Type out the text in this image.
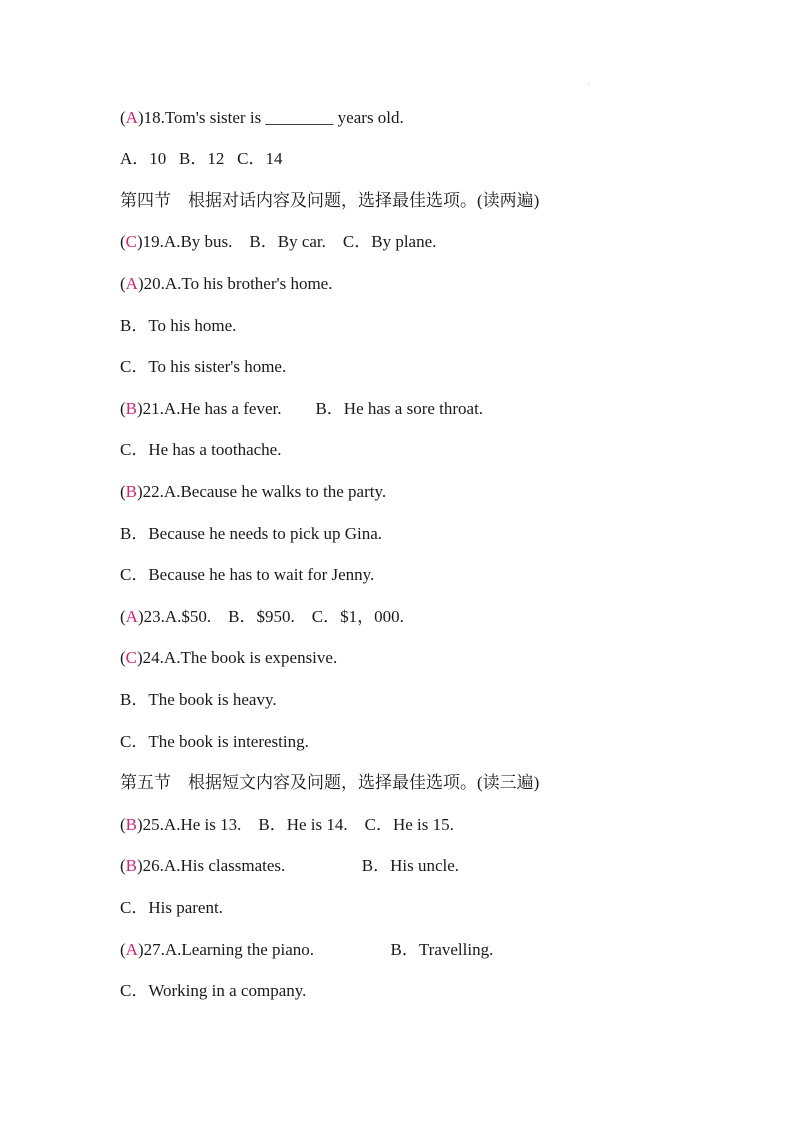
'
(A)18.Tom's sister is ________ years old.
A．10   B．12   C．14
第四节    根据对话内容及问题，选择最佳选项。(读两遍)
(C)19.A.By bus.    B．By car.    C．By plane.
(A)20.A.To his brother's home.
B．To his home.
C．To his sister's home.
(B)21.A.He has a fever.        B．He has a sore throat.
C．He has a toothache.
(B)22.A.Because he walks to the party.
B．Because he needs to pick up Gina.
C．Because he has to wait for Jenny.
(A)23.A.$50.    B．$950.    C．$1，000.
(C)24.A.The book is expensive.
B．The book is heavy.
C．The book is interesting.
第五节    根据短文内容及问题，选择最佳选项。(读三遍)
(B)25.A.He is 13.    B．He is 14.    C．He is 15.
(B)26.A.His classmates.                  B．His uncle.
C．His parent.
(A)27.A.Learning the piano.                  B．Travelling.
C．Working in a company.
